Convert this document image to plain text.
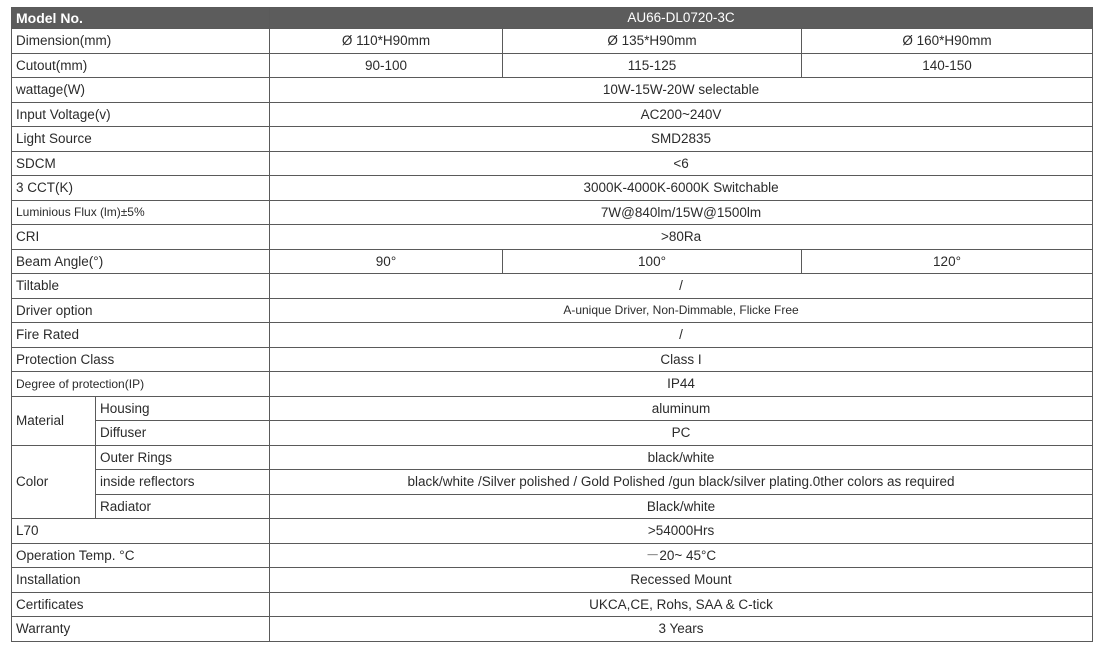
Model No.		AU66-DL0720-3C		
Dimension(mm)		Ø 110*H90mm	Ø 135*H90mm	Ø 160*H90mm
Cutout(mm)		90-100	115-125	140-150
wattage(W)		10W-15W-20W selectable		
Input Voltage(v)		AC200~240V		
Light Source		SMD2835		
SDCM		<6		
3 CCT(K)		3000K-4000K-6000K Switchable		
Luminious Flux (lm)±5%		7W@840lm/15W@1500lm		
CRI		>80Ra		
Beam Angle(°)		90°	100°	120°
Tiltable		/		
Driver option		A-unique Driver, Non-Dimmable, Flicke Free		
Fire Rated		/		
Protection Class		Class I		
Degree of protection(IP)		IP44		
Material	Housing	aluminum		
	Diffuser	PC		
Color	Outer Rings	black/white		
	inside reflectors	black/white /Silver polished / Gold Polished /gun black/silver plating.0ther colors as required		
	Radiator	Black/white		
L70		>54000Hrs		
Operation Temp. °C		－20~ 45°C		
Installation		Recessed Mount		
Certificates		UKCA,CE, Rohs, SAA & C-tick		
Warranty		3 Years		
